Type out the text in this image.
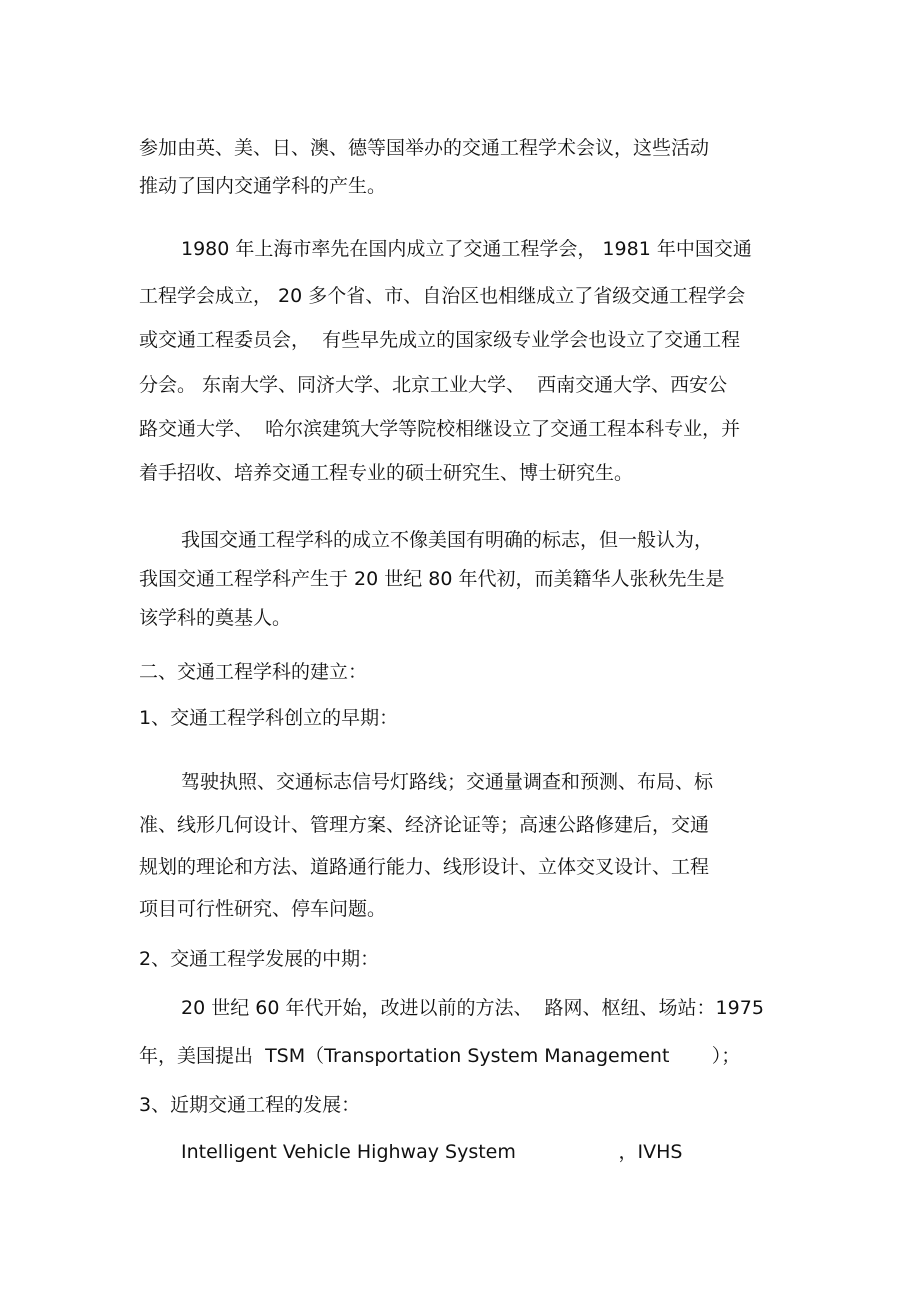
参加由英、美、日、澳、德等国举办的交通工程学术会议，这些活动

推动了国内交通学科的产生。

1980 年上海市率先在国内成立了交通工程学会， 1981 年中国交通

工程学会成立， 20 多个省、市、自治区也相继成立了省级交通工程学会

或交通工程委员会，  有些早先成立的国家级专业学会也设立了交通工程

分会。 东南大学、同济大学、北京工业大学、  西南交通大学、西安公

路交通大学、  哈尔滨建筑大学等院校相继设立了交通工程本科专业，并

着手招收、培养交通工程专业的硕士研究生、博士研究生。

我国交通工程学科的成立不像美国有明确的标志，但一般认为，

我国交通工程学科产生于 20 世纪 80 年代初，而美籍华人张秋先生是

该学科的奠基人。

二、交通工程学科的建立：

1、交通工程学科创立的早期：

驾驶执照、交通标志信号灯路线；交通量调查和预测、布局、标

准、线形几何设计、管理方案、经济论证等；高速公路修建后，交通

规划的理论和方法、道路通行能力、线形设计、立体交叉设计、工程

项目可行性研究、停车问题。

2、交通工程学发展的中期：

20 世纪 60 年代开始，改进以前的方法、  路网、枢纽、场站：1975

年，美国提出  TSM（Transportation System Management       ）；

3、近期交通工程的发展：

Intelligent Vehicle Highway System                 ，IVHS
